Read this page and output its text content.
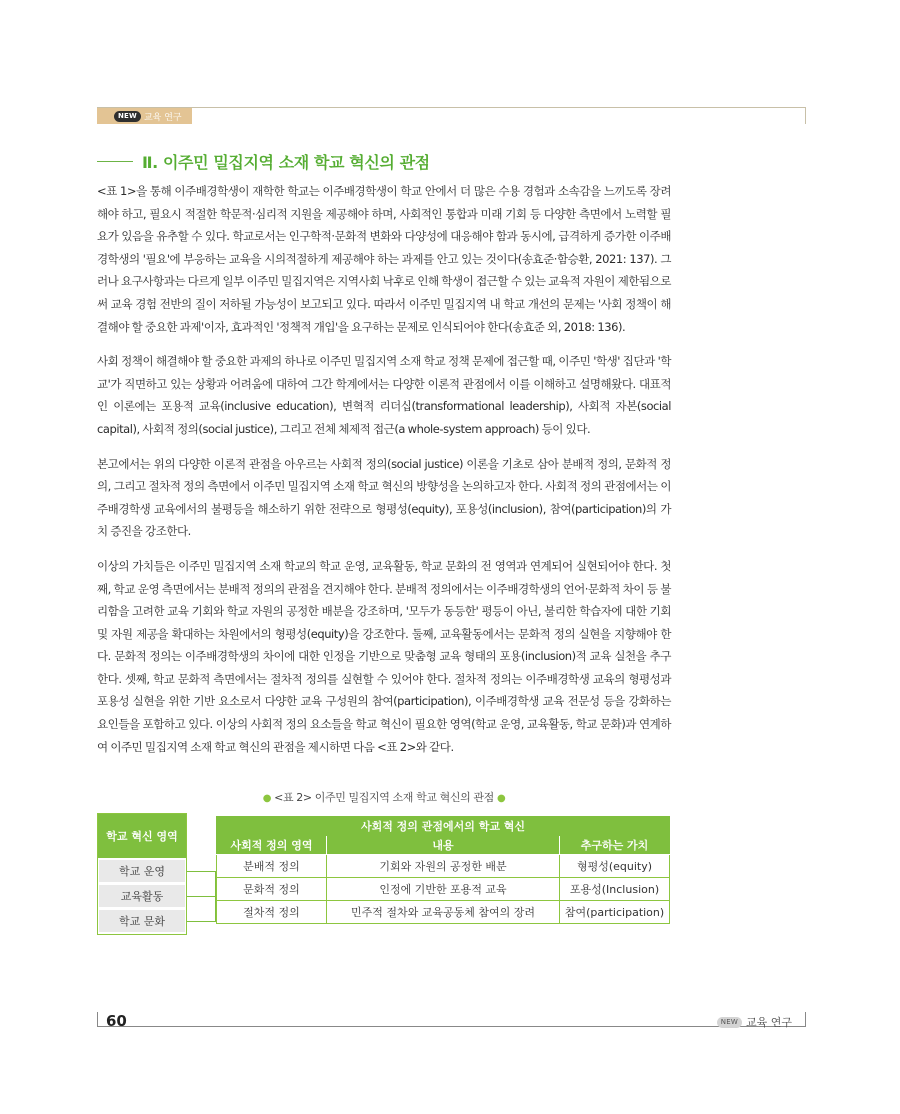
NEW 교육 연구
Ⅱ. 이주민 밀집지역 소재 학교 혁신의 관점

<표 1>을 통해 이주배경학생이 재학한 학교는 이주배경학생이 학교 안에서 더 많은 수용 경험과 소속감을 느끼도록 장려해야 하고, 필요시 적절한 학문적·심리적 지원을 제공해야 하며, 사회적인 통합과 미래 기회 등 다양한 측면에서 노력할 필요가 있음을 유추할 수 있다. 학교로서는 인구학적·문화적 변화와 다양성에 대응해야 함과 동시에, 급격하게 증가한 이주배경학생의 '필요'에 부응하는 교육을 시의적절하게 제공해야 하는 과제를 안고 있는 것이다(송효준·함승환, 2021: 137). 그러나 요구사항과는 다르게 일부 이주민 밀집지역은 지역사회 낙후로 인해 학생이 접근할 수 있는 교육적 자원이 제한됨으로써 교육 경험 전반의 질이 저하될 가능성이 보고되고 있다. 따라서 이주민 밀집지역 내 학교 개선의 문제는 '사회 정책이 해결해야 할 중요한 과제'이자, 효과적인 '정책적 개입'을 요구하는 문제로 인식되어야 한다(송효준 외, 2018: 136).

사회 정책이 해결해야 할 중요한 과제의 하나로 이주민 밀집지역 소재 학교 정책 문제에 접근할 때, 이주민 '학생' 집단과 '학교'가 직면하고 있는 상황과 어려움에 대하여 그간 학계에서는 다양한 이론적 관점에서 이를 이해하고 설명해왔다. 대표적인 이론에는 포용적 교육(inclusive education), 변혁적 리더십(transformational leadership), 사회적 자본(social capital), 사회적 정의(social justice), 그리고 전체 체제적 접근(a whole-system approach) 등이 있다.

본고에서는 위의 다양한 이론적 관점을 아우르는 사회적 정의(social justice) 이론을 기초로 삼아 분배적 정의, 문화적 정의, 그리고 절차적 정의 측면에서 이주민 밀집지역 소재 학교 혁신의 방향성을 논의하고자 한다. 사회적 정의 관점에서는 이주배경학생 교육에서의 불평등을 해소하기 위한 전략으로 형평성(equity), 포용성(inclusion), 참여(participation)의 가치 증진을 강조한다.

이상의 가치들은 이주민 밀집지역 소재 학교의 학교 운영, 교육활동, 학교 문화의 전 영역과 연계되어 실현되어야 한다. 첫째, 학교 운영 측면에서는 분배적 정의의 관점을 견지해야 한다. 분배적 정의에서는 이주배경학생의 언어·문화적 차이 등 불리함을 고려한 교육 기회와 학교 자원의 공정한 배분을 강조하며, '모두가 동등한' 평등이 아닌, 불리한 학습자에 대한 기회 및 자원 제공을 확대하는 차원에서의 형평성(equity)을 강조한다. 둘째, 교육활동에서는 문화적 정의 실현을 지향해야 한다. 문화적 정의는 이주배경학생의 차이에 대한 인정을 기반으로 맞춤형 교육 형태의 포용(inclusion)적 교육 실천을 추구한다. 셋째, 학교 문화적 측면에서는 절차적 정의를 실현할 수 있어야 한다. 절차적 정의는 이주배경학생 교육의 형평성과 포용성 실현을 위한 기반 요소로서 다양한 교육 구성원의 참여(participation), 이주배경학생 교육 전문성 등을 강화하는 요인들을 포함하고 있다. 이상의 사회적 정의 요소들을 학교 혁신이 필요한 영역(학교 운영, 교육활동, 학교 문화)과 연계하여 이주민 밀집지역 소재 학교 혁신의 관점을 제시하면 다음 <표 2>와 같다.

● <표 2> 이주민 밀집지역 소재 학교 혁신의 관점 ●
학교 혁신 영역
학교 운영
교육활동
학교 문화
사회적 정의 관점에서의 학교 혁신		
사회적 정의 영역	내용	추구하는 가치
분배적 정의	기회와 자원의 공정한 배분	형평성(equity)
문화적 정의	인정에 기반한 포용적 교육	포용성(Inclusion)
절차적 정의	민주적 절차와 교육공동체 참여의 장려	참여(participation)
60	NEW 교육 연구
